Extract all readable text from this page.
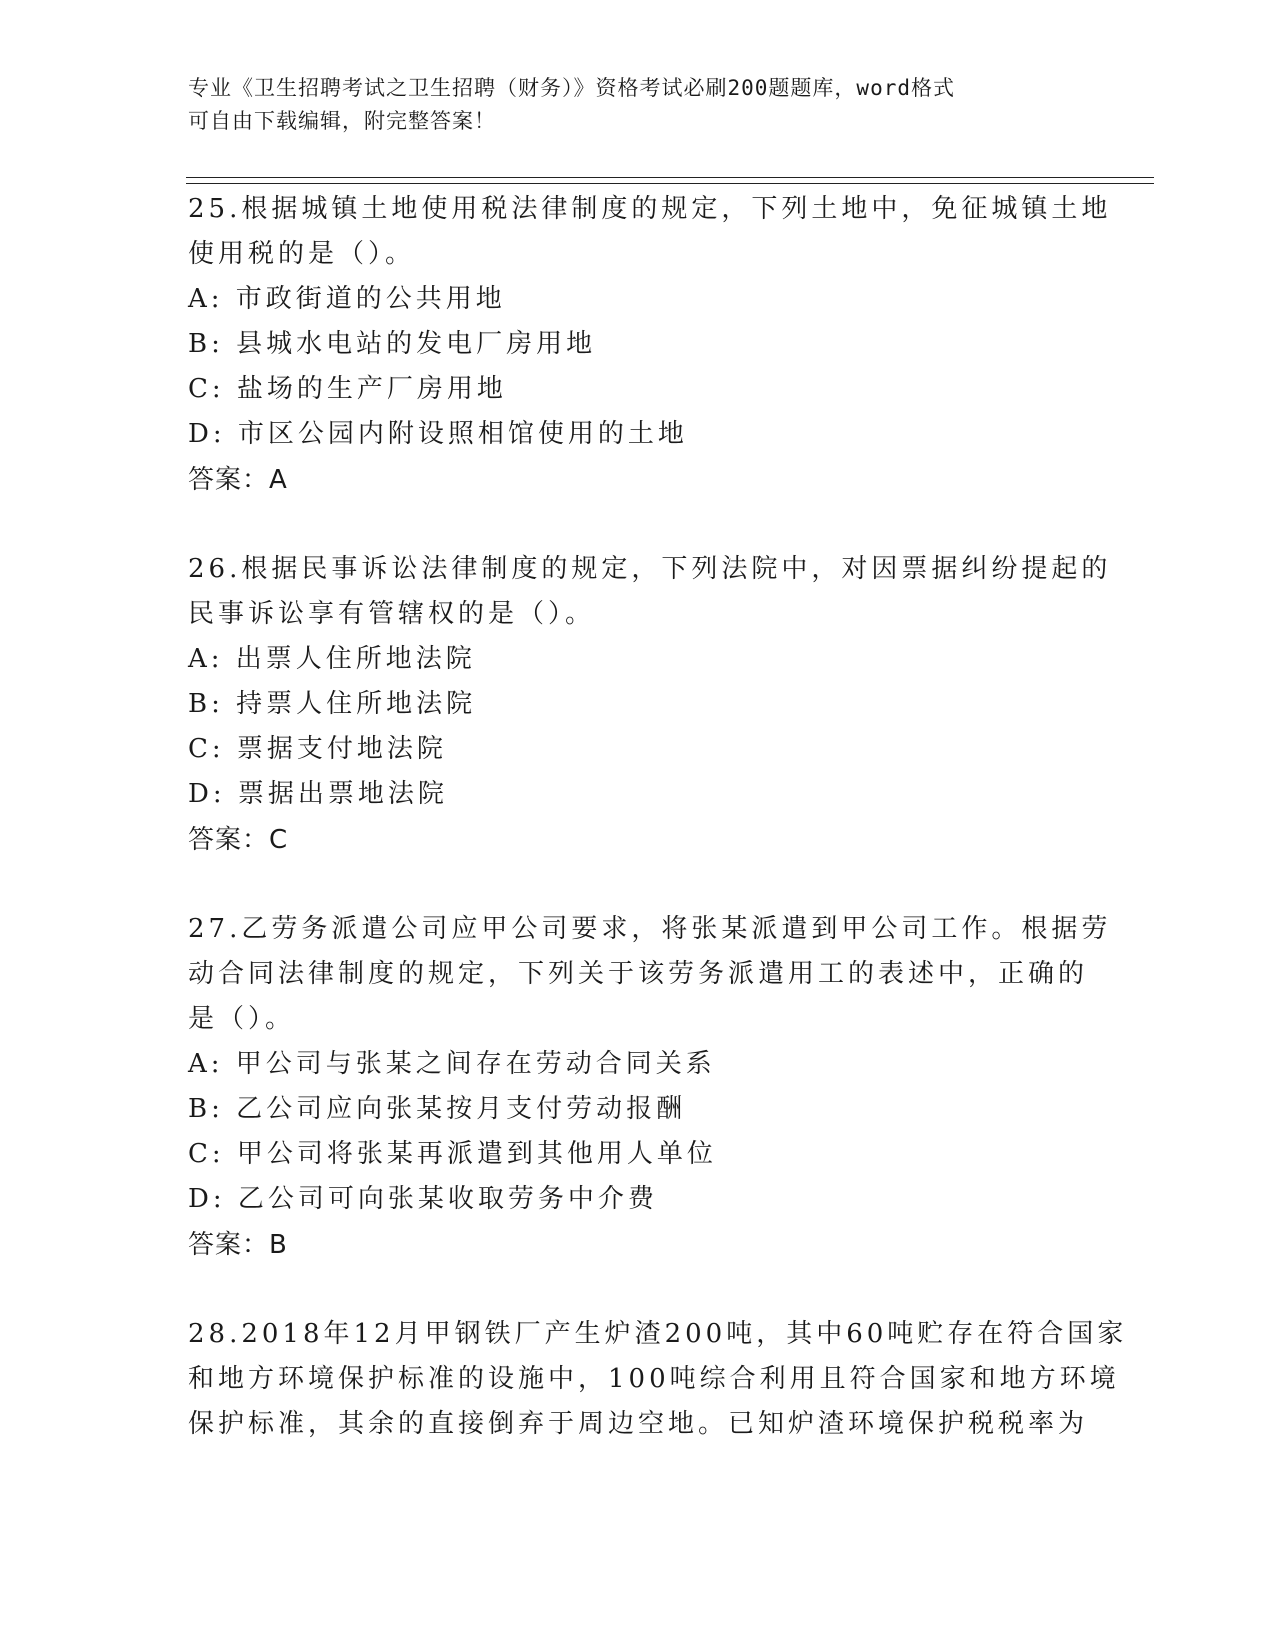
专业《卫生招聘考试之卫生招聘（财务）》资格考试必刷200题题库，word格式
可自由下载编辑，附完整答案！
25.根据城镇土地使用税法律制度的规定，下列土地中，免征城镇土地
使用税的是（）。
A: 市政街道的公共用地
B: 县城水电站的发电厂房用地
C: 盐场的生产厂房用地
D: 市区公园内附设照相馆使用的土地
答案：A
26.根据民事诉讼法律制度的规定，下列法院中，对因票据纠纷提起的
民事诉讼享有管辖权的是（）。
A: 出票人住所地法院
B: 持票人住所地法院
C: 票据支付地法院
D: 票据出票地法院
答案：C
27.乙劳务派遣公司应甲公司要求，将张某派遣到甲公司工作。根据劳
动合同法律制度的规定，下列关于该劳务派遣用工的表述中，正确的
是（）。
A: 甲公司与张某之间存在劳动合同关系
B: 乙公司应向张某按月支付劳动报酬
C: 甲公司将张某再派遣到其他用人单位
D: 乙公司可向张某收取劳务中介费
答案：B
28.2018年12月甲钢铁厂产生炉渣200吨，其中60吨贮存在符合国家
和地方环境保护标准的设施中，100吨综合利用且符合国家和地方环境
保护标准，其余的直接倒弃于周边空地。已知炉渣环境保护税税率为
